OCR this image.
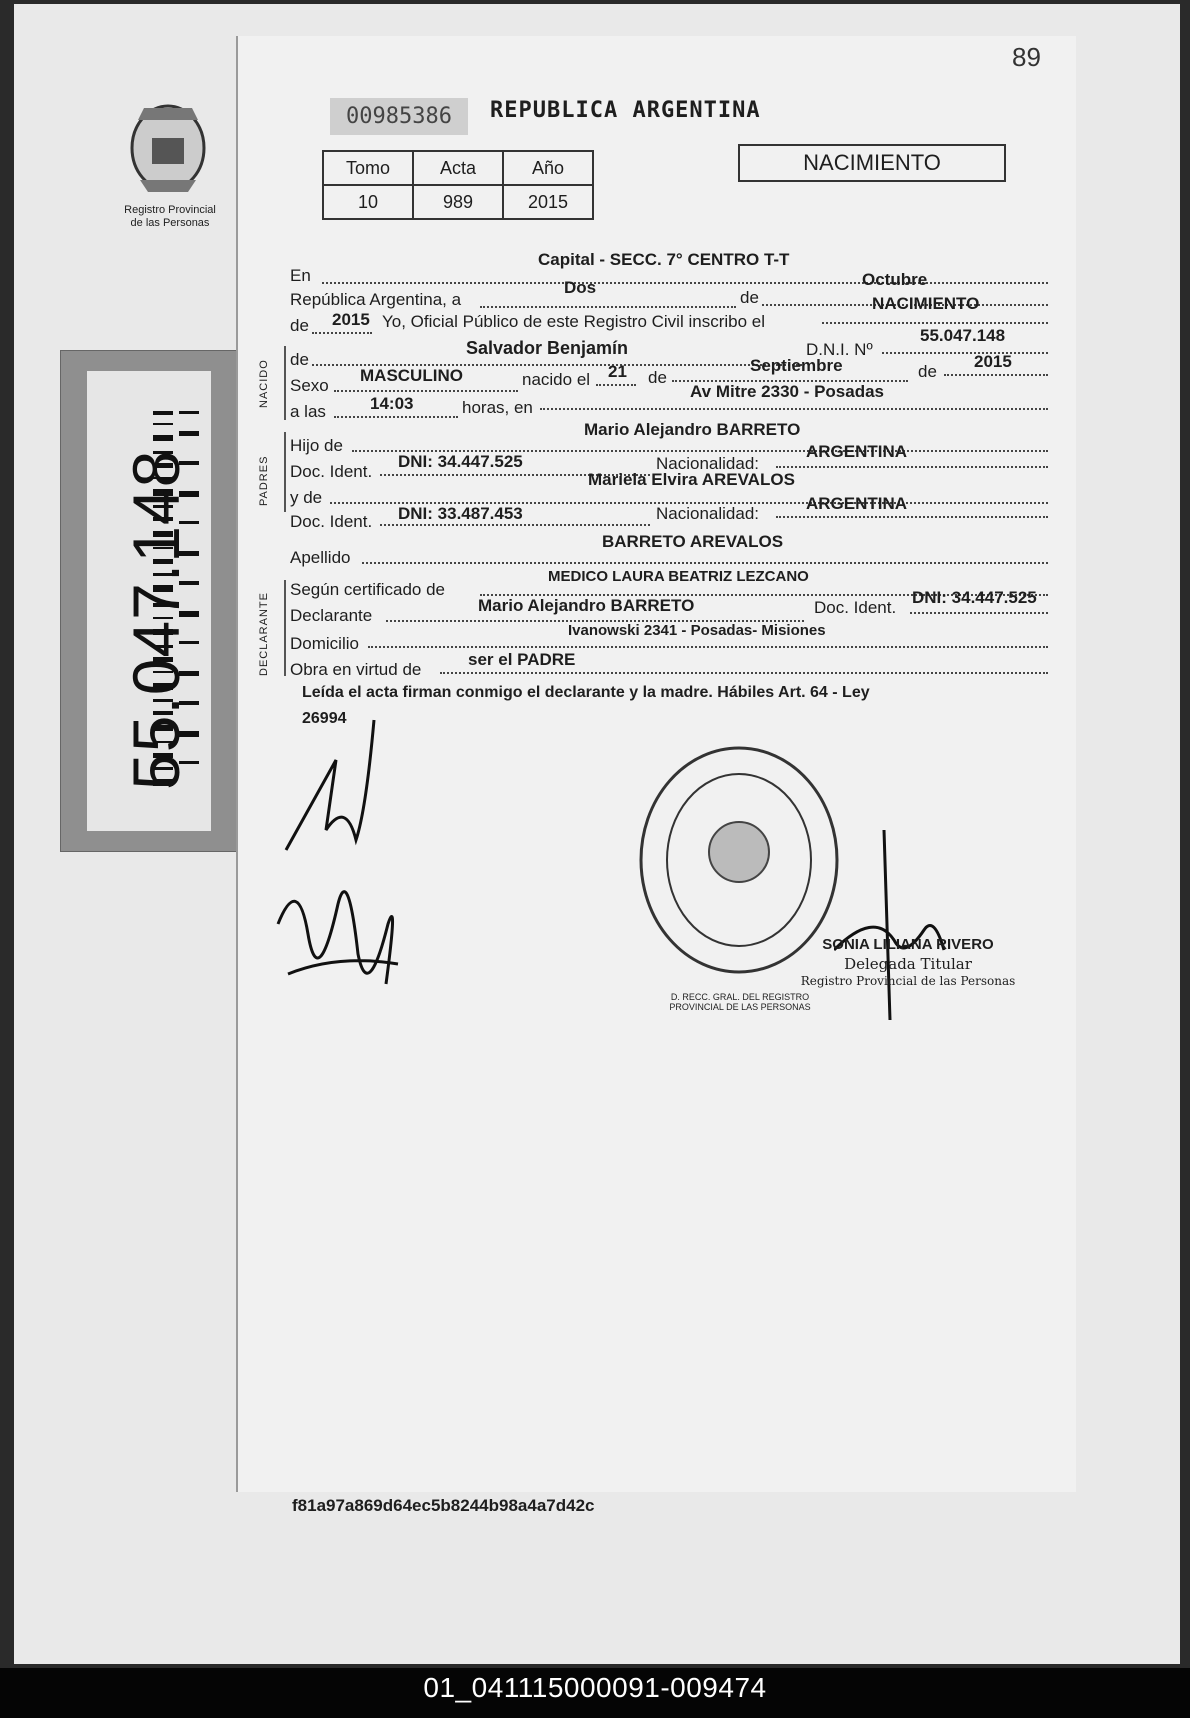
55.047.148
Registro Provincial
de las Personas
89
00985386	REPUBLICA ARGENTINA
Tomo	Acta	Año
10	989	2015
NACIMIENTO
NACIDO
PADRES
DECLARANTE
En
Capital - SECC. 7° CENTRO T-T
República Argentina, a
Dos
de
Octubre
de 2015 Yo, Oficial Público de este Registro Civil inscribo el
NACIMIENTO
de
Salvador Benjamín	D.N.I. Nº
55.047.148
Sexo
MASCULINO	nacido el 21 de
Septiembre	de
2015
a las	14:03	horas, en
Av Mitre 2330 - Posadas
Hijo de
Mario Alejandro BARRETO
Doc. Ident.
DNI: 34.447.525	Nacionalidad:
ARGENTINA
y de
Mariela Elvira AREVALOS
Doc. Ident. DNI: 33.487.453	Nacionalidad:
ARGENTINA
Apellido
BARRETO AREVALOS
Según certificado de
MEDICO LAURA BEATRIZ LEZCANO
Declarante
Mario Alejandro BARRETO	Doc. Ident.
DNI: 34.447.525
Domicilio
Ivanowski 2341 - Posadas- Misiones
Obra en virtud de
ser el PADRE
Leída el acta firman conmigo el declarante y la madre. Hábiles Art. 64 - Ley
26994
D. RECC. GRAL. DEL REGISTRO PROVINCIAL DE LAS PERSONAS
SONIA LILIANA RIVERO
Delegada Titular
Registro Provincial de las Personas
f81a97a869d64ec5b8244b98a4a7d42c
01_041115000091-009474
